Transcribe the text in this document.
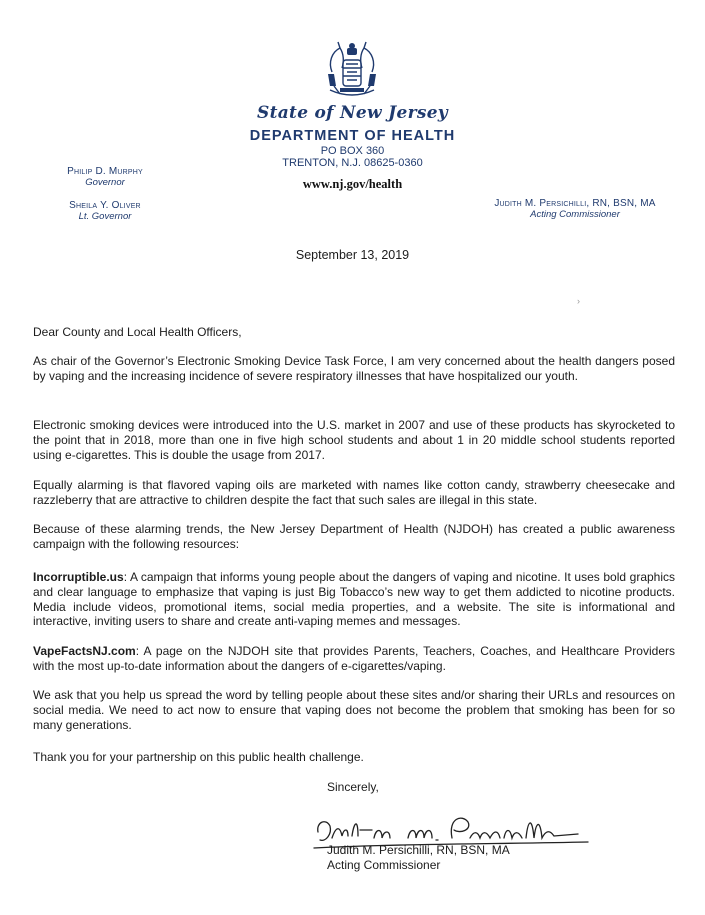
State of New Jersey
DEPARTMENT OF HEALTH
PO BOX 360
TRENTON, N.J. 08625-0360
www.nj.gov/health
Philip D. Murphy
Governor
Sheila Y. Oliver
Lt. Governor
Judith M. Persichilli, RN, BSN, MA
Acting Commissioner
September 13, 2019
›
Dear County and Local Health Officers,
As chair of the Governor’s Electronic Smoking Device Task Force, I am very concerned about the health dangers posed by vaping and the increasing incidence of severe respiratory illnesses that have hospitalized our youth.
Electronic smoking devices were introduced into the U.S. market in 2007 and use of these products has skyrocketed to the point that in 2018, more than one in five high school students and about 1 in 20 middle school students reported using e-cigarettes. This is double the usage from 2017.
Equally alarming is that flavored vaping oils are marketed with names like cotton candy, strawberry cheesecake and razzleberry that are attractive to children despite the fact that such sales are illegal in this state.
Because of these alarming trends, the New Jersey Department of Health (NJDOH) has created a public awareness campaign with the following resources:
Incorruptible.us: A campaign that informs young people about the dangers of vaping and nicotine. It uses bold graphics and clear language to emphasize that vaping is just Big Tobacco’s new way to get them addicted to nicotine products. Media include videos, promotional items, social media properties, and a website. The site is informational and interactive, inviting users to share and create anti-vaping memes and messages.
VapeFactsNJ.com: A page on the NJDOH site that provides Parents, Teachers, Coaches, and Healthcare Providers with the most up-to-date information about the dangers of e-cigarettes/vaping.
We ask that you help us spread the word by telling people about these sites and/or sharing their URLs and resources on social media. We need to act now to ensure that vaping does not become the problem that smoking has been for so many generations.
Thank you for your partnership on this public health challenge.
Sincerely,
Judith M. Persichilli, RN, BSN, MA
Acting Commissioner
